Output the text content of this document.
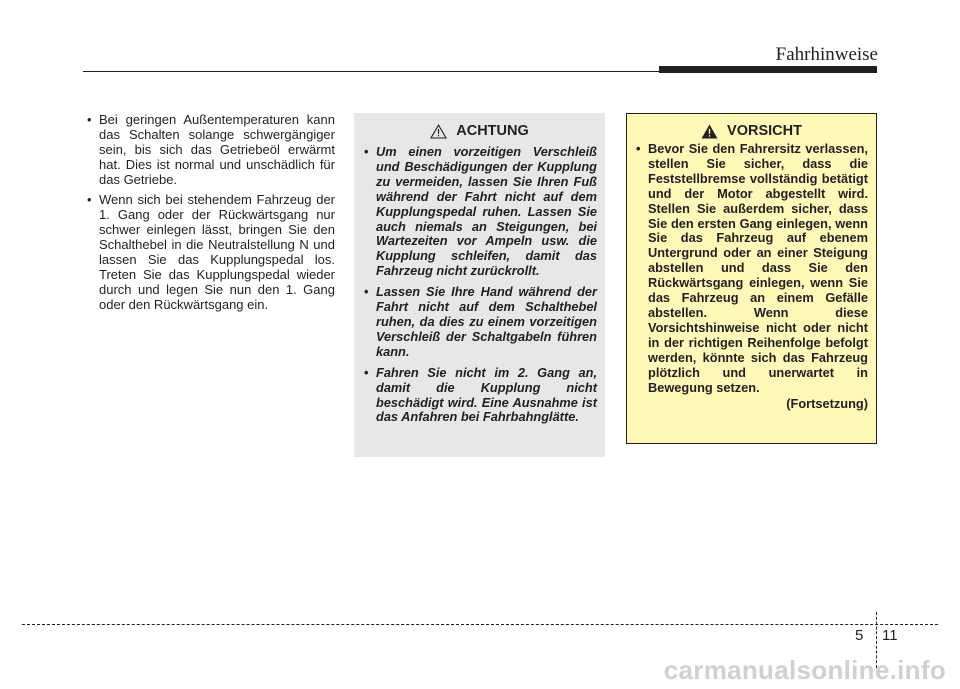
Fahrhinweise
• Bei geringen Außentemperaturen kann das Schalten solange schwergängiger sein, bis sich das Getriebeöl erwärmt hat. Dies ist normal und unschädlich für das Getriebe.
• Wenn sich bei stehendem Fahrzeug der 1. Gang oder der Rückwärtsgang nur schwer einlegen lässt, bringen Sie den Schalthebel in die Neutralstellung N und lassen Sie das Kupplungspedal los. Treten Sie das Kupplungspedal wieder durch und legen Sie nun den 1. Gang oder den Rückwärtsgang ein.
ACHTUNG
• Um einen vorzeitigen Verschleiß und Beschädigungen der Kupplung zu vermeiden, lassen Sie Ihren Fuß während der Fahrt nicht auf dem Kupplungspedal ruhen. Lassen Sie auch niemals an Steigungen, bei Wartezeiten vor Ampeln usw. die Kupplung schleifen, damit das Fahrzeug nicht zurückrollt.
• Lassen Sie Ihre Hand während der Fahrt nicht auf dem Schalthebel ruhen, da dies zu einem vorzeitigen Verschleiß der Schaltgabeln führen kann.
• Fahren Sie nicht im 2. Gang an, damit die Kupplung nicht beschädigt wird. Eine Ausnahme ist das Anfahren bei Fahrbahnglätte.
VORSICHT
• Bevor Sie den Fahrersitz verlassen, stellen Sie sicher, dass die Feststellbremse vollständig betätigt und der Motor abgestellt wird. Stellen Sie außerdem sicher, dass Sie den ersten Gang einlegen, wenn Sie das Fahrzeug auf ebenem Untergrund oder an einer Steigung abstellen und dass Sie den Rückwärtsgang einlegen, wenn Sie das Fahrzeug an einem Gefälle abstellen. Wenn diese Vorsichtshinweise nicht oder nicht in der richtigen Reihenfolge befolgt werden, könnte sich das Fahrzeug plötzlich und unerwartet in Bewegung setzen.
(Fortsetzung)
5 11
carmanualsonline.info
